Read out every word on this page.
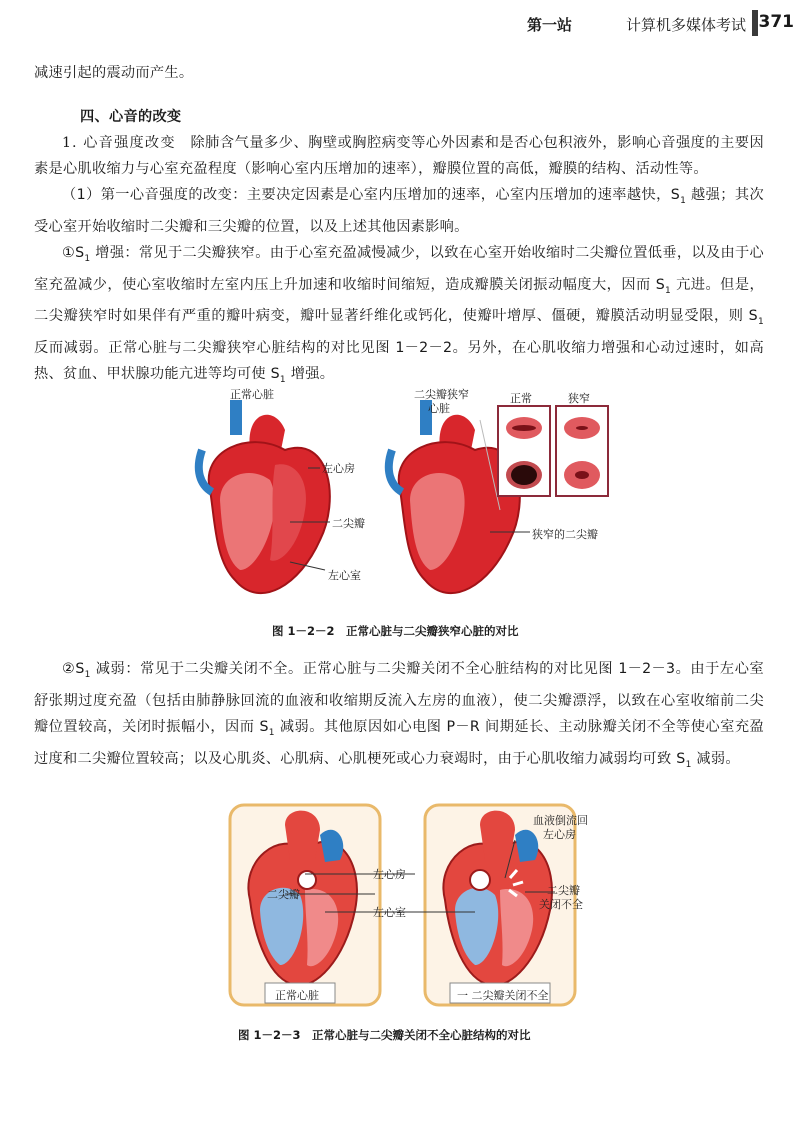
第一站	计算机多媒体考试 371

减速引起的震动而产生。

四、心音的改变

1. 心音强度改变　 除肺含气量多少、胸壁或胸腔病变等心外因素和是否心包积液外，影响心音强度的主要因素是心肌收缩力与心室充盈程度（影响心室内压增加的速率），瓣膜位置的高低，瓣膜的结构、活动性等。

（1）第一心音强度的改变：主要决定因素是心室内压增加的速率，心室内压增加的速率越快，$S_1$ 越强；其次受心室开始收缩时二尖瓣和三尖瓣的位置，以及上述其他因素影响。

$①S_1$ 增强：常见于二尖瓣狭窄。由于心室充盈减慢减少，以致在心室开始收缩时二尖瓣位置低垂，以及由于心室充盈减少，使心室收缩时左室内压上升加速和收缩时间缩短，造成瓣膜关闭振动幅度大，因而 $S_1$ 亢进。但是，二尖瓣狭窄时如果伴有严重的瓣叶病变，瓣叶显著纤维化或钙化，使瓣叶增厚、僵硬，瓣膜活动明显受限，则 $S_1$ 反而减弱。正常心脏与二尖瓣狭窄心脏结构的对比见图 1－2－2。另外，在心肌收缩力增强和心动过速时，如高热、贫血、甲状腺功能亢进等均可使 $S_1$ 增强。

正常心脏	二尖瓣狭窄
心脏
正常	狭窄
左心房
二尖瓣
左心室
狭窄的二尖瓣
图 1－2－2　正常心脏与二尖瓣狭窄心脏的对比

$②S_1$ 减弱：常见于二尖瓣关闭不全。正常心脏与二尖瓣关闭不全心脏结构的对比见图 1－2－3。由于左心室舒张期过度充盈（包括由肺静脉回流的血液和收缩期反流入左房的血液），使二尖瓣漂浮，以致在心室收缩前二尖瓣位置较高，关闭时振幅小，因而 $S_1$ 减弱。其他原因如心电图 P－R 间期延长、主动脉瓣关闭不全等使心室充盈过度和二尖瓣位置较高；以及心肌炎、心肌病、心肌梗死或心力衰竭时，由于心肌收缩力减弱均可致 $S_1$ 减弱。

血液倒流回
左心房
左心房
二尖瓣
左心室
二尖瓣
关闭不全
正常心脏	一 二尖瓣关闭不全
图 1－2－3　正常心脏与二尖瓣关闭不全心脏结构的对比
